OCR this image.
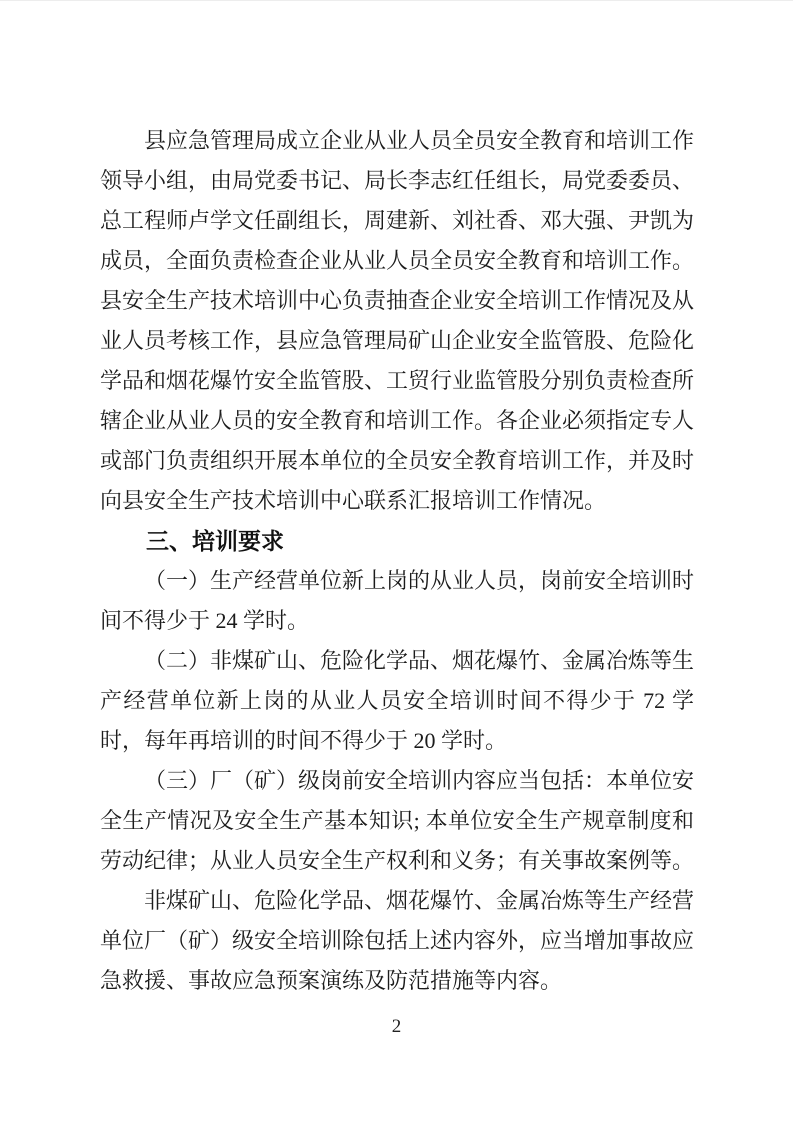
县应急管理局成立企业从业人员全员安全教育和培训工作领导小组，由局党委书记、局长李志红任组长，局党委委员、总工程师卢学文任副组长，周建新、刘社香、邓大强、尹凯为成员，全面负责检查企业从业人员全员安全教育和培训工作。县安全生产技术培训中心负责抽查企业安全培训工作情况及从业人员考核工作，县应急管理局矿山企业安全监管股、危险化学品和烟花爆竹安全监管股、工贸行业监管股分别负责检查所辖企业从业人员的安全教育和培训工作。各企业必须指定专人或部门负责组织开展本单位的全员安全教育培训工作，并及时向县安全生产技术培训中心联系汇报培训工作情况。

三、培训要求

（一）生产经营单位新上岗的从业人员，岗前安全培训时间不得少于 24 学时。

（二）非煤矿山、危险化学品、烟花爆竹、金属冶炼等生产经营单位新上岗的从业人员安全培训时间不得少于 72 学时，每年再培训的时间不得少于 20 学时。

（三）厂（矿）级岗前安全培训内容应当包括：本单位安全生产情况及安全生产基本知识; 本单位安全生产规章制度和劳动纪律；从业人员安全生产权利和义务；有关事故案例等。

非煤矿山、危险化学品、烟花爆竹、金属冶炼等生产经营单位厂（矿）级安全培训除包括上述内容外，应当增加事故应急救援、事故应急预案演练及防范措施等内容。

2
